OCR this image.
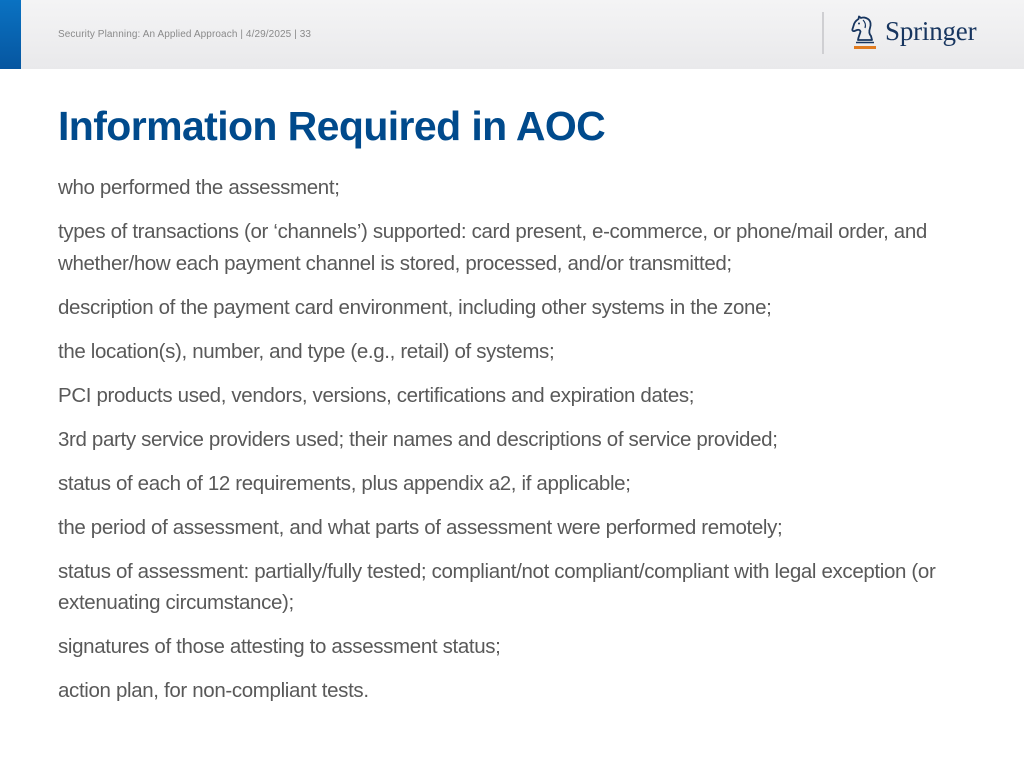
Security Planning: An Applied Approach | 4/29/2025 | 33	Springer
Information Required in AOC

who performed the assessment;

types of transactions (or ‘channels’) supported: card present, e-commerce, or phone/mail order, and whether/how each payment channel is stored, processed, and/or transmitted;

description of the payment card environment, including other systems in the zone;

the location(s), number, and type (e.g., retail) of systems;

PCI products used, vendors, versions, certifications and expiration dates;

3rd party service providers used; their names and descriptions of service provided;

status of each of 12 requirements, plus appendix a2, if applicable;

the period of assessment, and what parts of assessment were performed remotely;

status of assessment: partially/fully tested; compliant/not compliant/compliant with legal exception (or extenuating circumstance);

signatures of those attesting to assessment status;

action plan, for non-compliant tests.
